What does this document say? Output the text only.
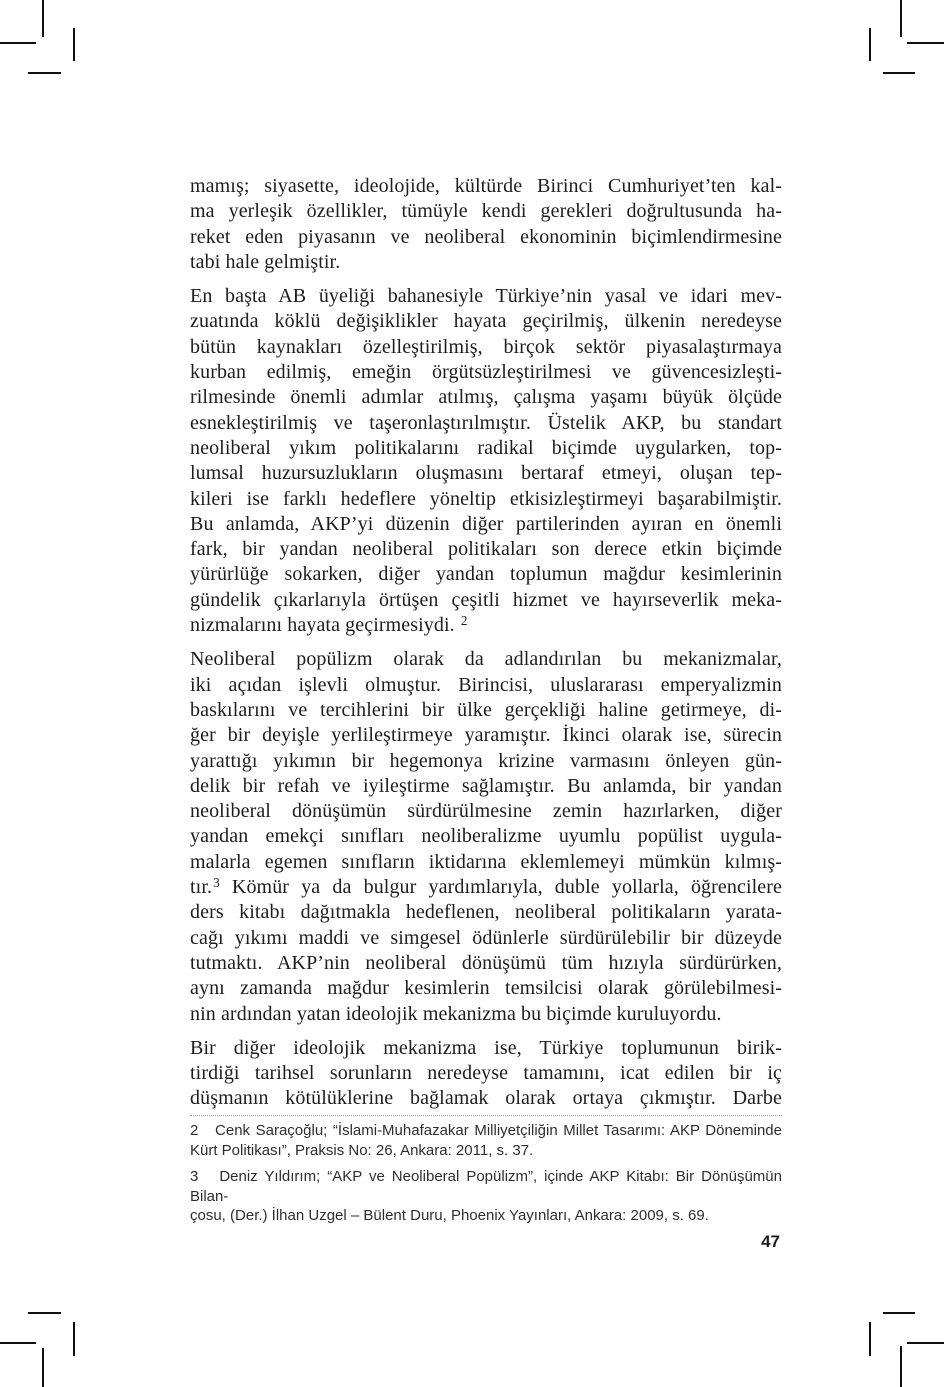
mamış; siyasette, ideolojide, kültürde Birinci Cumhuriyet’ten kal-
ma yerleşik özellikler, tümüyle kendi gerekleri doğrultusunda ha-
reket eden piyasanın ve neoliberal ekonominin biçimlendirmesine
tabi hale gelmiştir.
En başta AB üyeliği bahanesiyle Türkiye’nin yasal ve idari mev-
zuatında köklü değişiklikler hayata geçirilmiş, ülkenin neredeyse
bütün kaynakları özelleştirilmiş, birçok sektör piyasalaştırmaya
kurban edilmiş, emeğin örgütsüzleştirilmesi ve güvencesizleşti-
rilmesinde önemli adımlar atılmış, çalışma yaşamı büyük ölçüde
esnekleştirilmiş ve taşeronlaştırılmıştır. Üstelik AKP, bu standart
neoliberal yıkım politikalarını radikal biçimde uygularken, top-
lumsal huzursuzlukların oluşmasını bertaraf etmeyi, oluşan tep-
kileri ise farklı hedeflere yöneltip etkisizleştirmeyi başarabilmiştir.
Bu anlamda, AKP’yi düzenin diğer partilerinden ayıran en önemli
fark, bir yandan neoliberal politikaları son derece etkin biçimde
yürürlüğe sokarken, diğer yandan toplumun mağdur kesimlerinin
gündelik çıkarlarıyla örtüşen çeşitli hizmet ve hayırseverlik meka-
nizmalarını hayata geçirmesiydi. $^2$
Neoliberal popülizm olarak da adlandırılan bu mekanizmalar,
iki açıdan işlevli olmuştur. Birincisi, uluslararası emperyalizmin
baskılarını ve tercihlerini bir ülke gerçekliği haline getirmeye, di-
ğer bir deyişle yerlileştirmeye yaramıştır. İkinci olarak ise, sürecin
yarattığı yıkımın bir hegemonya krizine varmasını önleyen gün-
delik bir refah ve iyileştirme sağlamıştır. Bu anlamda, bir yandan
neoliberal dönüşümün sürdürülmesine zemin hazırlarken, diğer
yandan emekçi sınıfları neoliberalizme uyumlu popülist uygula-
malarla egemen sınıfların iktidarına eklemlemeyi mümkün kılmış-
tır.$^3$ Kömür ya da bulgur yardımlarıyla, duble yollarla, öğrencilere
ders kitabı dağıtmakla hedeflenen, neoliberal politikaların yarata-
cağı yıkımı maddi ve simgesel ödünlerle sürdürülebilir bir düzeyde
tutmaktı. AKP’nin neoliberal dönüşümü tüm hızıyla sürdürürken,
aynı zamanda mağdur kesimlerin temsilcisi olarak görülebilmesi-
nin ardından yatan ideolojik mekanizma bu biçimde kuruluyordu.
Bir diğer ideolojik mekanizma ise, Türkiye toplumunun birik-
tirdiği tarihsel sorunların neredeyse tamamını, icat edilen bir iç
düşmanın kötülüklerine bağlamak olarak ortaya çıkmıştır. Darbe
2   Cenk Saraçoğlu; “İslami-Muhafazakar Milliyetçiliğin Millet Tasarımı: AKP Döneminde
Kürt Politikası”, Praksis No: 26, Ankara: 2011, s. 37.
3   Deniz Yıldırım; “AKP ve Neoliberal Popülizm”, içinde AKP Kitabı: Bir Dönüşümün Bilan-
çosu, (Der.) İlhan Uzgel – Bülent Duru, Phoenix Yayınları, Ankara: 2009, s. 69.
47
